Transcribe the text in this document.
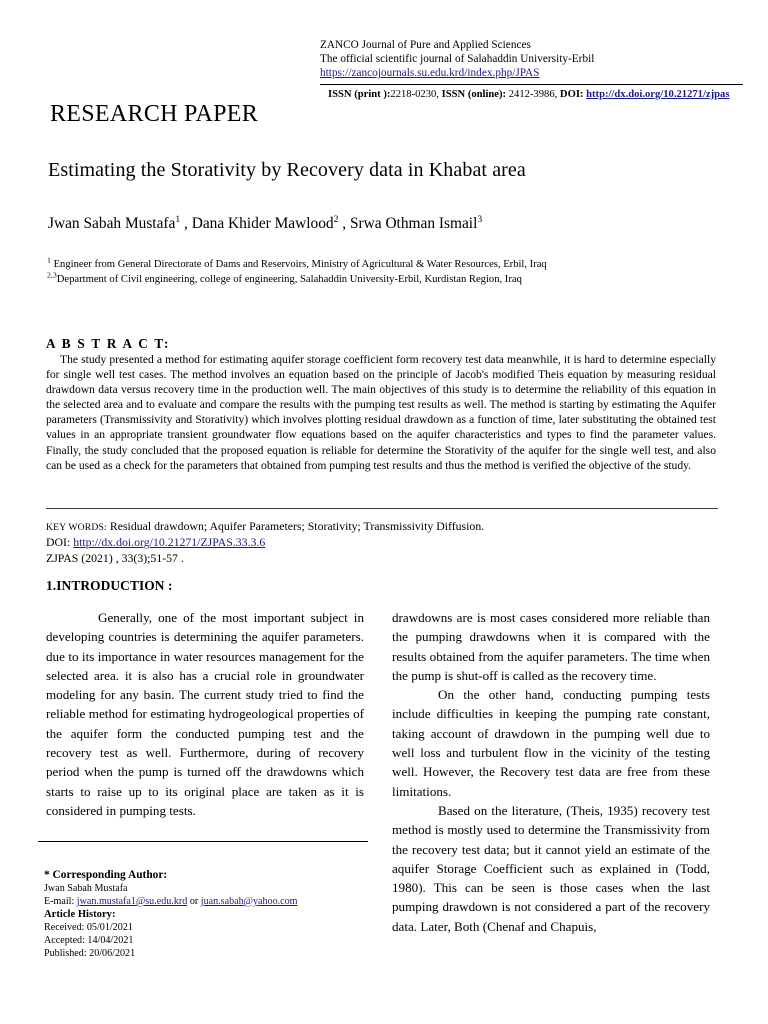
ZANCO Journal of Pure and Applied Sciences
The official scientific journal of Salahaddin University-Erbil
https://zancojournals.su.edu.krd/index.php/JPAS
ISSN (print ):2218-0230, ISSN (online): 2412-3986, DOI: http://dx.doi.org/10.21271/zjpas
RESEARCH PAPER
Estimating the Storativity by Recovery data in Khabat area
Jwan Sabah Mustafa$^1$ , Dana Khider Mawlood$^2$ , Srwa Othman Ismail$^3$
$^1$ Engineer from General Directorate of Dams and Reservoirs, Ministry of Agricultural & Water Resources, Erbil, Iraq
$^{2,3}$Department of Civil engineering, college of engineering, Salahaddin University-Erbil, Kurdistan Region, Iraq
A B S T R A C T:
The study presented a method for estimating aquifer storage coefficient form recovery test data meanwhile, it is hard to determine especially for single well test cases. The method involves an equation based on the principle of Jacob's modified Theis equation by measuring residual drawdown data versus recovery time in the production well. The main objectives of this study is to determine the reliability of this equation in the selected area and to evaluate and compare the results with the pumping test results as well. The method is starting by estimating the Aquifer parameters (Transmissivity and Storativity) which involves plotting residual drawdown as a function of time, later substituting the obtained test values in an appropriate transient groundwater flow equations based on the aquifer characteristics and types to find the parameter values. Finally, the study concluded that the proposed equation is reliable for determine the Storativity of the aquifer for the single well test, and also can be used as a check for the parameters that obtained from pumping test results and thus the method is verified the objective of the study.
KEY WORDS: Residual drawdown; Aquifer Parameters; Storativity; Transmissivity Diffusion.
DOI: http://dx.doi.org/10.21271/ZJPAS.33.3.6
ZJPAS (2021) , 33(3);51-57 .
1.INTRODUCTION :

Generally, one of the most important subject in developing countries is determining the aquifer parameters. due to its importance in water resources management for the selected area. it is also has a crucial role in groundwater modeling for any basin. The current study tried to find the reliable method for estimating hydrogeological properties of the aquifer form the conducted pumping test and the recovery test as well. Furthermore, during of recovery period when the pump is turned off the drawdowns which starts to raise up to its original place are taken as it is considered in pumping tests.

drawdowns are is most cases considered more reliable than the pumping drawdowns when it is compared with the results obtained from the aquifer parameters. The time when the pump is shut-off is called as the recovery time.

On the other hand, conducting pumping tests include difficulties in keeping the pumping rate constant, taking account of drawdown in the pumping well due to well loss and turbulent flow in the vicinity of the testing well. However, the Recovery test data are free from these limitations.

Based on the literature, (Theis, 1935) recovery test method is mostly used to determine the Transmissivity from the recovery test data; but it cannot yield an estimate of the aquifer Storage Coefficient such as explained in (Todd, 1980). This can be seen is those cases when the last pumping drawdown is not considered a part of the recovery data. Later, Both (Chenaf and Chapuis,

* Corresponding Author:
Jwan Sabah Mustafa
E-mail: jwan.mustafa1@su.edu.krd or juan.sabah@yahoo.com
Article History:
Received: 05/01/2021
Accepted: 14/04/2021
Published: 20/06/2021
